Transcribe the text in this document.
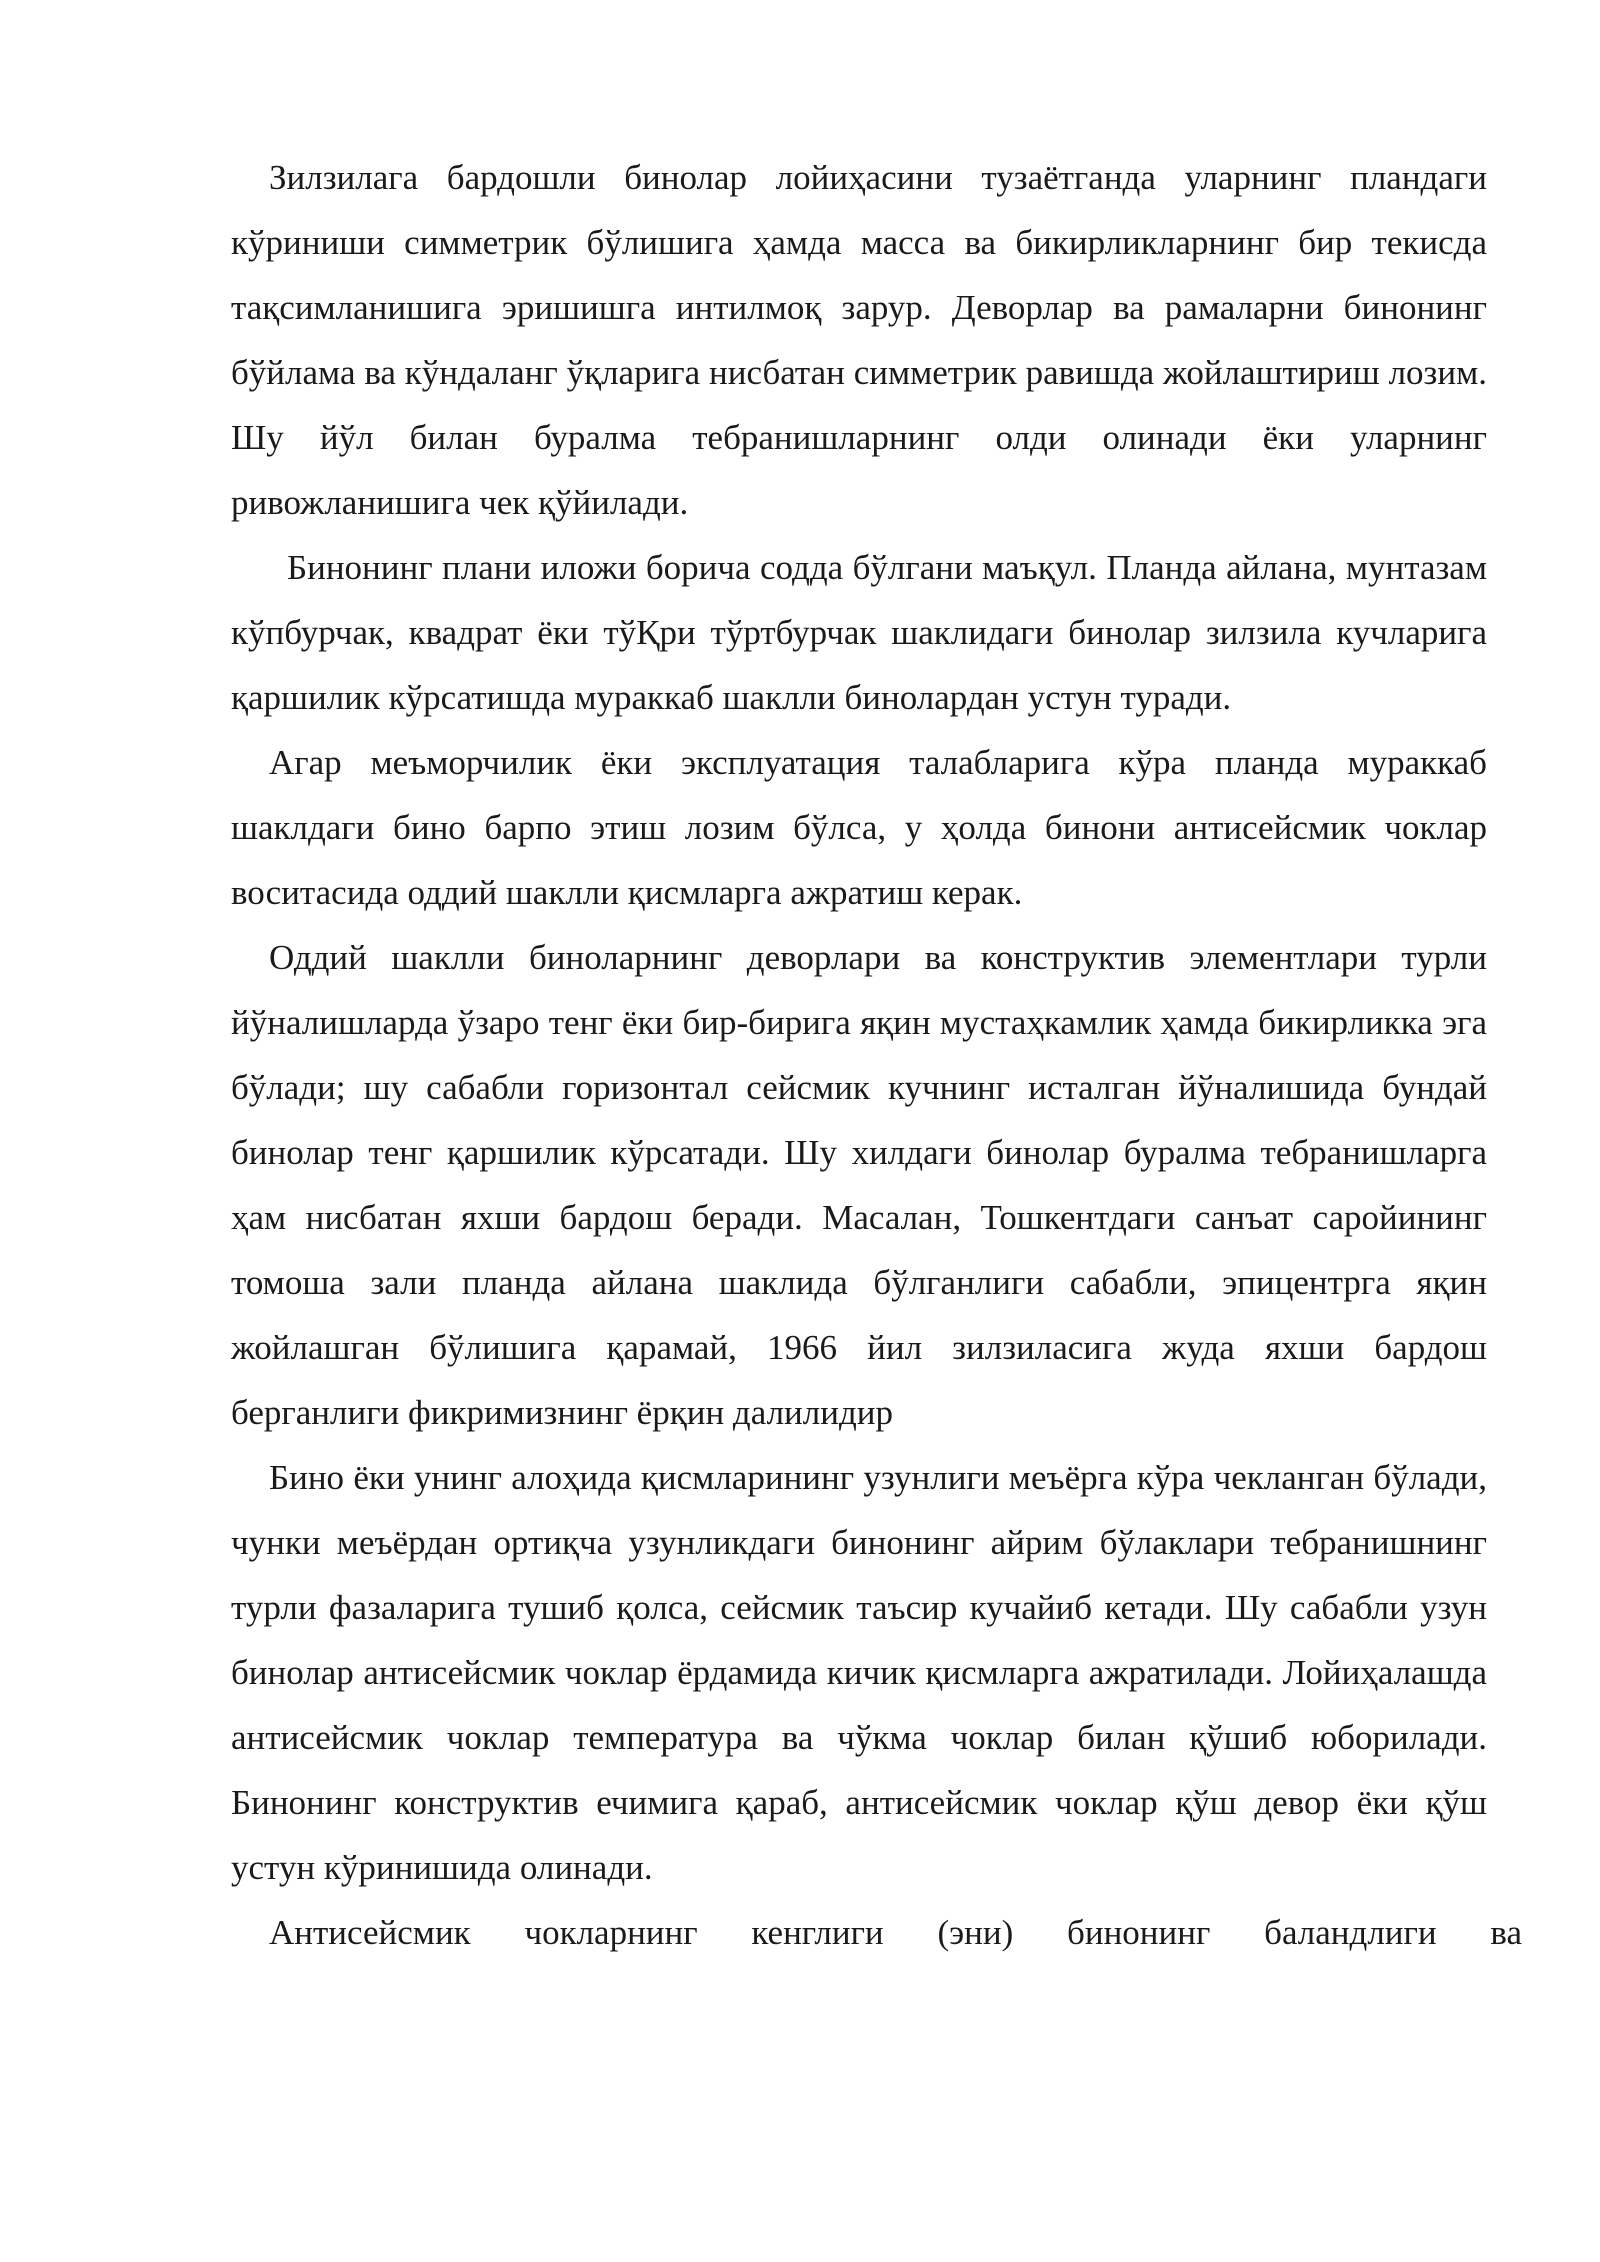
Зилзилага бардошли бинолар лойиҳасини тузаётганда уларнинг пландаги кўриниши симметрик бўлишига ҳамда масса ва бикирликларнинг бир текисда тақсимланишига эришишга интилмоқ зарур. Деворлар ва рамаларни бинонинг бўйлама ва кўндаланг ўқларига нисбатан симметрик равишда жойлаштириш лозим. Шу йўл билан буралма тебранишларнинг олди олинади ёки уларнинг ривожланишига чек қўйилади.

Бинонинг плани иложи борича содда бўлгани маъқул. Планда айлана, мунтазам кўпбурчак, квадрат ёки тўҚри тўртбурчак шаклидаги бинолар зилзила кучларига қаршилик кўрсатишда мураккаб шаклли бинолардан устун туради.

Агар меъморчилик ёки эксплуатация талабларига кўра планда мураккаб шаклдаги бино барпо этиш лозим бўлса, у ҳолда бинони антисейсмик чоклар воситасида оддий шаклли қисмларга ажратиш керак.

Оддий шаклли биноларнинг деворлари ва конструктив элементлари турли йўналишларда ўзаро тенг ёки бир-бирига яқин мустаҳкамлик ҳамда бикирликка эга бўлади; шу сабабли горизонтал сейсмик кучнинг исталган йўналишида бундай бинолар тенг қаршилик кўрсатади. Шу хилдаги бинолар буралма тебранишларга ҳам нисбатан яхши бардош беради. Масалан, Тошкентдаги санъат саройининг томоша зали планда айлана шаклида бўлганлиги сабабли, эпицентрга яқин жойлашган бўлишига қарамай, 1966 йил зилзиласига жуда яхши бардош берганлиги фикримизнинг ёрқин далилидир

Бино ёки унинг алоҳида қисмларининг узунлиги меъёрга кўра чекланган бўлади, чунки меъёрдан ортиқча узунликдаги бинонинг айрим бўлаклари тебранишнинг турли фазаларига тушиб қолса, сейсмик таъсир кучайиб кетади. Шу сабабли узун бинолар антисейсмик чоклар ёрдамида кичик қисмларга ажратилади. Лойиҳалашда антисейсмик чоклар температура ва чўкма чоклар билан қўшиб юборилади. Бинонинг конструктив ечимига қараб, антисейсмик чоклар қўш девор ёки қўш устун кўринишида олинади.

Антисейсмик чокларнинг кенглиги (эни) бинонинг баландлиги ва
